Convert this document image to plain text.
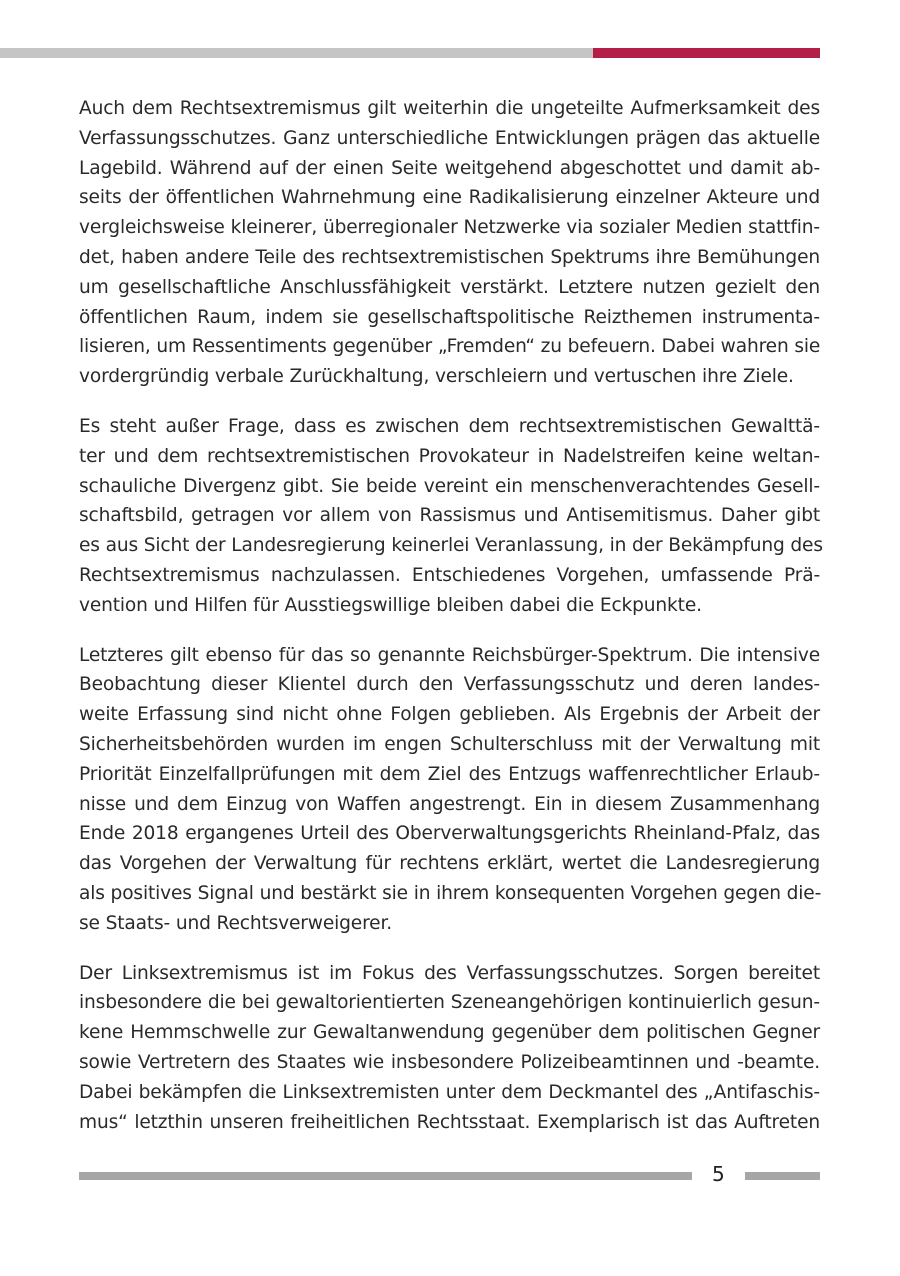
Auch dem Rechtsextremismus gilt weiterhin die ungeteilte Aufmerksamkeit des
Verfassungsschutzes. Ganz unterschiedliche Entwicklungen prägen das aktuelle
Lagebild. Während auf der einen Seite weitgehend abgeschottet und damit ab-
seits der öffentlichen Wahrnehmung eine Radikalisierung einzelner Akteure und
vergleichsweise kleinerer, überregionaler Netzwerke via sozialer Medien stattfin-
det, haben andere Teile des rechtsextremistischen Spektrums ihre Bemühungen
um gesellschaftliche Anschlussfähigkeit verstärkt. Letztere nutzen gezielt den
öffentlichen Raum, indem sie gesellschaftspolitische Reizthemen instrumenta-
lisieren, um Ressentiments gegenüber „Fremden“ zu befeuern. Dabei wahren sie
vordergründig verbale Zurückhaltung, verschleiern und vertuschen ihre Ziele.

Es steht außer Frage, dass es zwischen dem rechtsextremistischen Gewalttä-
ter und dem rechtsextremistischen Provokateur in Nadelstreifen keine weltan-
schauliche Divergenz gibt. Sie beide vereint ein menschenverachtendes Gesell-
schaftsbild, getragen vor allem von Rassismus und Antisemitismus. Daher gibt
es aus Sicht der Landesregierung keinerlei Veranlassung, in der Bekämpfung des
Rechtsextremismus nachzulassen. Entschiedenes Vorgehen, umfassende Prä-
vention und Hilfen für Ausstiegswillige bleiben dabei die Eckpunkte.

Letzteres gilt ebenso für das so genannte Reichsbürger-Spektrum. Die intensive
Beobachtung dieser Klientel durch den Verfassungsschutz und deren landes-
weite Erfassung sind nicht ohne Folgen geblieben. Als Ergebnis der Arbeit der
Sicherheitsbehörden wurden im engen Schulterschluss mit der Verwaltung mit
Priorität Einzelfallprüfungen mit dem Ziel des Entzugs waffenrechtlicher Erlaub-
nisse und dem Einzug von Waffen angestrengt. Ein in diesem Zusammenhang
Ende 2018 ergangenes Urteil des Oberverwaltungsgerichts Rheinland-Pfalz, das
das Vorgehen der Verwaltung für rechtens erklärt, wertet die Landesregierung
als positives Signal und bestärkt sie in ihrem konsequenten Vorgehen gegen die-
se Staats- und Rechtsverweigerer.

Der Linksextremismus ist im Fokus des Verfassungsschutzes. Sorgen bereitet
insbesondere die bei gewaltorientierten Szeneangehörigen kontinuierlich gesun-
kene Hemmschwelle zur Gewaltanwendung gegenüber dem politischen Gegner
sowie Vertretern des Staates wie insbesondere Polizeibeamtinnen und -beamte.
Dabei bekämpfen die Linksextremisten unter dem Deckmantel des „Antifaschis-
mus“ letzthin unseren freiheitlichen Rechtsstaat. Exemplarisch ist das Auftreten

5
